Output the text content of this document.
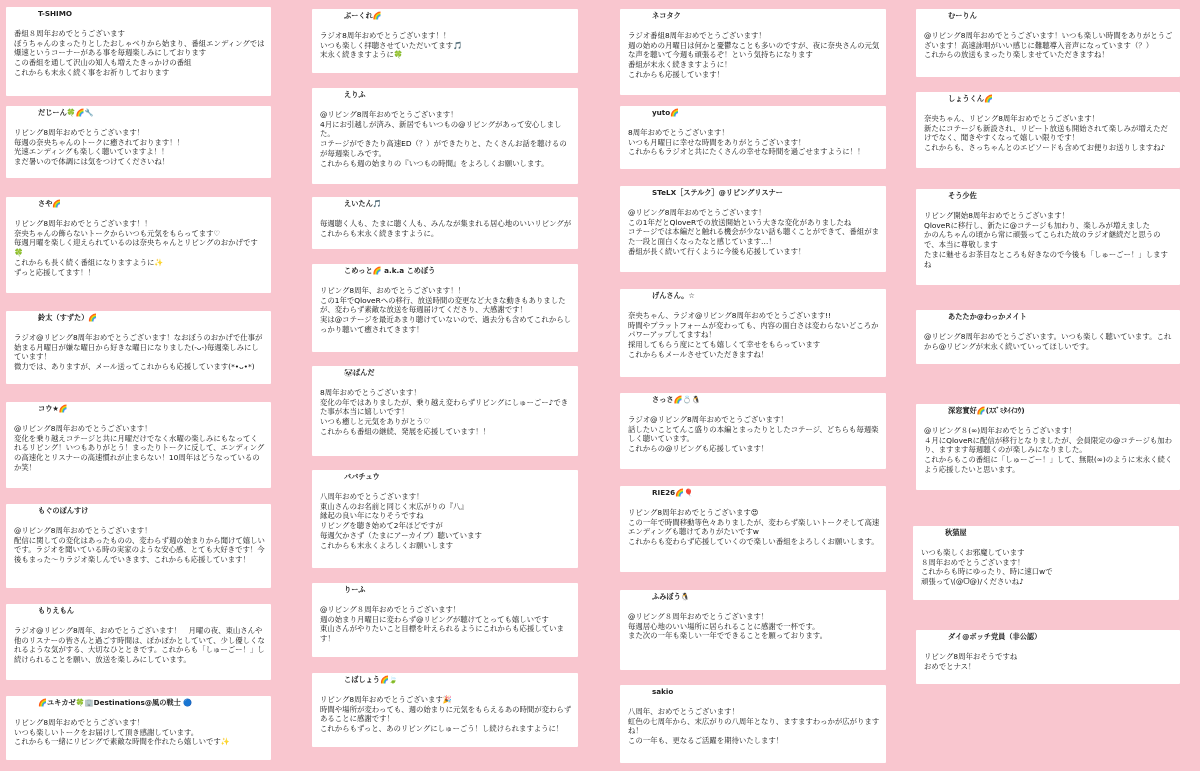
T-SHIMO
番組８周年おめでとうございます
ぼうちゃんのまったりとしたおしゃべりから始まり、番組エンディングでは爆速というコーナーがある事を毎週楽しみにしております
この番組を通して沢山の知人も増えたきっかけの番組
これからも末永く続く事をお祈りしております
だじーん🍀🌈🔧
リビング8周年おめでとうございます！
毎週の奈央ちゃんのトークに癒されております！！
光速エンディングも楽しく聴いていますよ！！
まだ暑いので体調には気をつけてくださいね！
さや🌈
リビング8周年おめでとうございます！！
奈央ちゃんの飾らないトークからいつも元気をもらってます♡
毎週月曜を楽しく迎えられているのは奈央ちゃんとリビングのおかげです🍀
これからも長く続く番組になりますように✨
ずっと応援してます！！
鈴太（すずた）🌈
ラジオ@リビング8周年おめでとうございます！なおぼうのおかげで仕事が始まる月曜日が嫌な曜日から好きな曜日になりました(-ᴗ-)毎週楽しみにしています！
微力では、ありますが、メール送ってこれからも応援しています(*•ᴗ•*)
コウ★🌈
@リビング8周年おめでとうございます！
変化を乗り越えコテージと共に月曜だけでなく水曜の楽しみにもなってくれるリビング！いつもありがとう！まったりトークに反して、エンディングの高速化とリスナーの高速慣れが止まらない！10周年はどうなっているのか笑！
もぐのぽんすけ
@リビング8周年おめでとうございます！
配信に関しての変化はあったものの、変わらず週の始まりから聞けて嬉しいです。ラジオを聞いている時の実家のような安心感、とても大好きです！今後もまった〜りラジオ楽しんでいきます、これからも応援しています！
もりえもん
ラジオ@リビング8周年、おめでとうございます！　月曜の夜、東山さんや他のリスナーの皆さんと過ごす時間は、ぽかぽかとしていて、少し優しくなれるような気がする、大切なひとときです。これからも「しゅーごー！」し続けられることを願い、放送を楽しみにしています。
🌈ユキカゼ🍀🏢Destinations@風の戦士 🔵
リビング8周年おめでとうございます！
いつも楽しいトークをお届けして頂き感謝しています。
これからも一緒にリビングで素敵な時間を作れたら嬉しいです✨
ぶーくれ🌈
ラジオ8周年おめでとうございます！！
いつも楽しく拝聴させていただいてます🎵
末永く続きますように🍀
えりふ
@リビング8周年おめでとうございます！
4月にお引越しが済み、新居でもいつもの@リビングがあって安心しました。
コテージができたり高速ED（？）ができたりと、たくさんお話を聴けるのが毎週楽しみです。
これからも週の始まりの『いつもの時間』をよろしくお願いします。
えいたん🎵
毎週聴く人も、たまに聴く人も、みんなが集まれる居心地のいいリビングがこれからも末永く続きますように。
こめっと🌈 a.k.a こめぼう
リビング8周年、おめでとうございます！！
この1年でQloveRへの移行、放送時間の変更など大きな動きもありましたが、変わらず素敵な放送を毎週届けてくださり、大感謝です！
実は@コテージを最近あまり聴けていないので、過去分も含めてこれからしっかり聴いて癒されてきます！
🐼ぱんだ
8周年おめでとうございます！
変化の年ではありましたが、乗り越え変わらずリビングにしゅーごー♪できた事が本当に嬉しいです！
いつも癒しと元気をありがとう♡
これからも番組の継続、発展を応援しています！！
ババチュウ
八周年おめでとうございます！
東山さんのお名前と同じく末広がりの『八』
縁起の良い年になりそうですね
リビングを聴き始めて2年ほどですが
毎週欠かさず（たまにアーカイブ）聴いています
これからも末永くよろしくお願いします
りーふ
@リビング８周年おめでとうございます！
週の始まり月曜日に変わらず@リビングが聴けてとっても嬉しいです
東山さんがやりたいこと目標を叶えられるようにこれからも応援しています！
こばしょう🌈🍃
リビング8周年おめでとうございます🎉
時間や場所が変わっても、週の始まりに元気をもらえるあの時間が変わらずあることに感謝です！
これからもずっと、あのリビングにしゅーごう！し続けられますように！
ネコタク
ラジオ番組8周年おめでとうございます！
週の始めの月曜日は何かと憂鬱なことも多いのですが、夜に奈央さんの元気な声を聴いて今週も頑張るぞ！という気持ちになります
番組が末永く続きますように！
これからも応援しています！
yuto🌈
8周年おめでとうございます！
いつも月曜日に幸せな時間をありがとうございます！
これからもラジオと共にたくさんの幸せな時間を過ごせますように！！
STeLX［ステルク］@リビングリスナー
@リビング8周年おめでとうございます！
この1年だとQloveRでの放送開始という大きな変化がありましたね
コテージでは本編だと触れる機会が少ない話も聴くことができて、番組がまた一段と面白くなったなと感じています…！
番組が長く続いて行くように今後も応援しています！
げんさん。☆
奈央ちゃん、ラジオ@リビング8周年おめでとうございます!!
時間やプラットフォームが変わっても、内容の面白さは変わらないどころかパワーアップしてますね！
採用してもらう度にとても嬉しくて幸せをもらっています
これからもメールさせていただきますね！
さっさ🌈💍🐧
ラジオ@リビング8周年おめでとうございます！
話したいことてんこ盛りの本編とまったりとしたコテージ、どちらも毎週楽しく聴いています。
これからの@リビングも応援しています！
RIE26🌈🎈
リビング8周年おめでとうございます😍
この一年で時間移動等色々ありましたが、変わらず楽しいトークそして高速エンディングも聴けてありがたいですw
これからも変わらず応援していくので楽しい番組をよろしくお願いします。
ふみぼう🐧
@リビング８周年おめでとうございます！
毎週居心地のいい場所に居られることに感謝で一杯です。
また次の一年も楽しい一年でできることを願っております。
sakio
八周年、おめでとうございます！
虹色の七周年から、末広がりの八周年となり、ますますわっかが広がりますね！
この一年も、更なるご活躍を期待いたします！
むーりん
@リビング8周年おめでとうございます！いつも楽しい時間をありがとうございます！高速詠唱がいい感じに難聴導入音声になっています（？）
これからの放送もまったり楽しませていただきますね！
しょうくん🌈
奈央ちゃん、リビング8周年おめでとうございます！
新たにコテージも新設され、リピート放送も開始されて楽しみが増えただけでなく、聞きやすくなって嬉しい限りです！
これからも、さっちゃんとのエピソードも含めてお便りお送りしますね♪
そう少佐
リビング開始8周年おめでとうございます！
QloveRに移行し、新たに@コテージも加わり、楽しみが増えました
かのんちゃんの頃から常に頑張ってこられた故のラジオ継続だと思うので、本当に尊敬します
たまに魅せるお茶目なところも好きなので今後も「しゅーごー！」しますね
あたたか@わっかメイト
@リビング8周年おめでとうございます。いつも楽しく聴いています。これから@リビングが末永く続いていってほしいです。
深窓實好🌈(ｽｽﾞﾐﾀｲｲｺｳ)
@リビング８(∞)周年おめでとうございます！
４月にQloveRに配信が移行となりましたが、会員限定の@コテージも加わり、ますます毎週聴くのが楽しみになりました。
これからもこの番組に「しゅーごー！」して、無限(∞)のように末永く続くよう応援したいと思います。
秋猫屋
いつも楽しくお邪魔しています
８周年おめでとうございます！
これからも時にゆったり、時に速口wで
頑張って\(@ᗜ@)/くださいね♪
ダイ@ボッチ党員（非公認）
リビング8周年おそうですね
おめでとナス！
